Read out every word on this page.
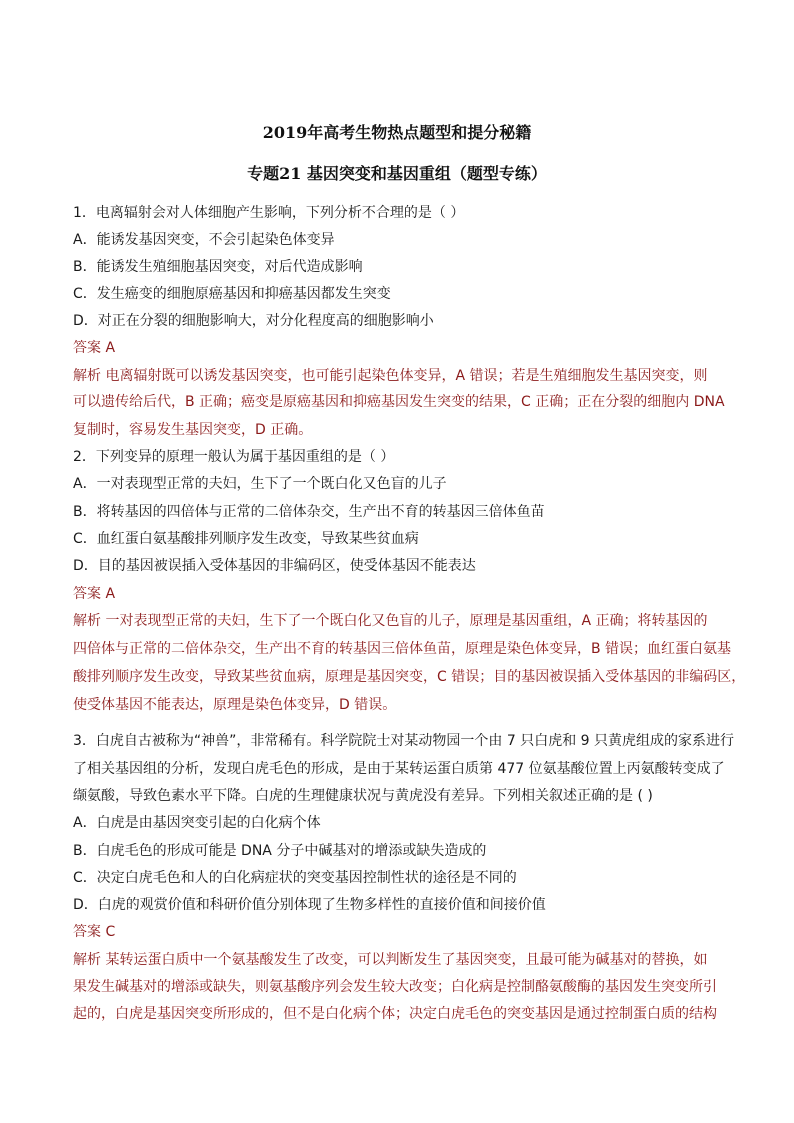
2019年高考生物热点题型和提分秘籍
专题21 基因突变和基因重组（题型专练）
1．电离辐射会对人体细胞产生影响，下列分析不合理的是（ ）
A．能诱发基因突变，不会引起染色体变异
B．能诱发生殖细胞基因突变，对后代造成影响
C．发生癌变的细胞原癌基因和抑癌基因都发生突变
D．对正在分裂的细胞影响大，对分化程度高的细胞影响小
答案 A
解析 电离辐射既可以诱发基因突变，也可能引起染色体变异，A 错误；若是生殖细胞发生基因突变，则
可以遗传给后代，B 正确；癌变是原癌基因和抑癌基因发生突变的结果，C 正确；正在分裂的细胞内 DNA
复制时，容易发生基因突变，D 正确。
2．下列变异的原理一般认为属于基因重组的是（ ）
A．一对表现型正常的夫妇，生下了一个既白化又色盲的儿子
B．将转基因的四倍体与正常的二倍体杂交，生产出不育的转基因三倍体鱼苗
C．血红蛋白氨基酸排列顺序发生改变，导致某些贫血病
D．目的基因被误插入受体基因的非编码区，使受体基因不能表达
答案 A
解析 一对表现型正常的夫妇，生下了一个既白化又色盲的儿子，原理是基因重组，A 正确；将转基因的
四倍体与正常的二倍体杂交，生产出不育的转基因三倍体鱼苗，原理是染色体变异，B 错误；血红蛋白氨基
酸排列顺序发生改变，导致某些贫血病，原理是基因突变，C 错误；目的基因被误插入受体基因的非编码区，
使受体基因不能表达，原理是染色体变异，D 错误。
3．白虎自古被称为“神兽”，非常稀有。科学院院士对某动物园一个由 7 只白虎和 9 只黄虎组成的家系进行
了相关基因组的分析，发现白虎毛色的形成，是由于某转运蛋白质第 477 位氨基酸位置上丙氨酸转变成了
缬氨酸，导致色素水平下降。白虎的生理健康状况与黄虎没有差异。下列相关叙述正确的是 ( )
A．白虎是由基因突变引起的白化病个体
B．白虎毛色的形成可能是 DNA 分子中碱基对的增添或缺失造成的
C．决定白虎毛色和人的白化病症状的突变基因控制性状的途径是不同的
D．白虎的观赏价值和科研价值分别体现了生物多样性的直接价值和间接价值
答案 C
解析 某转运蛋白质中一个氨基酸发生了改变，可以判断发生了基因突变，且最可能为碱基对的替换，如
果发生碱基对的增添或缺失，则氨基酸序列会发生较大改变；白化病是控制酪氨酸酶的基因发生突变所引
起的，白虎是基因突变所形成的，但不是白化病个体；决定白虎毛色的突变基因是通过控制蛋白质的结构
